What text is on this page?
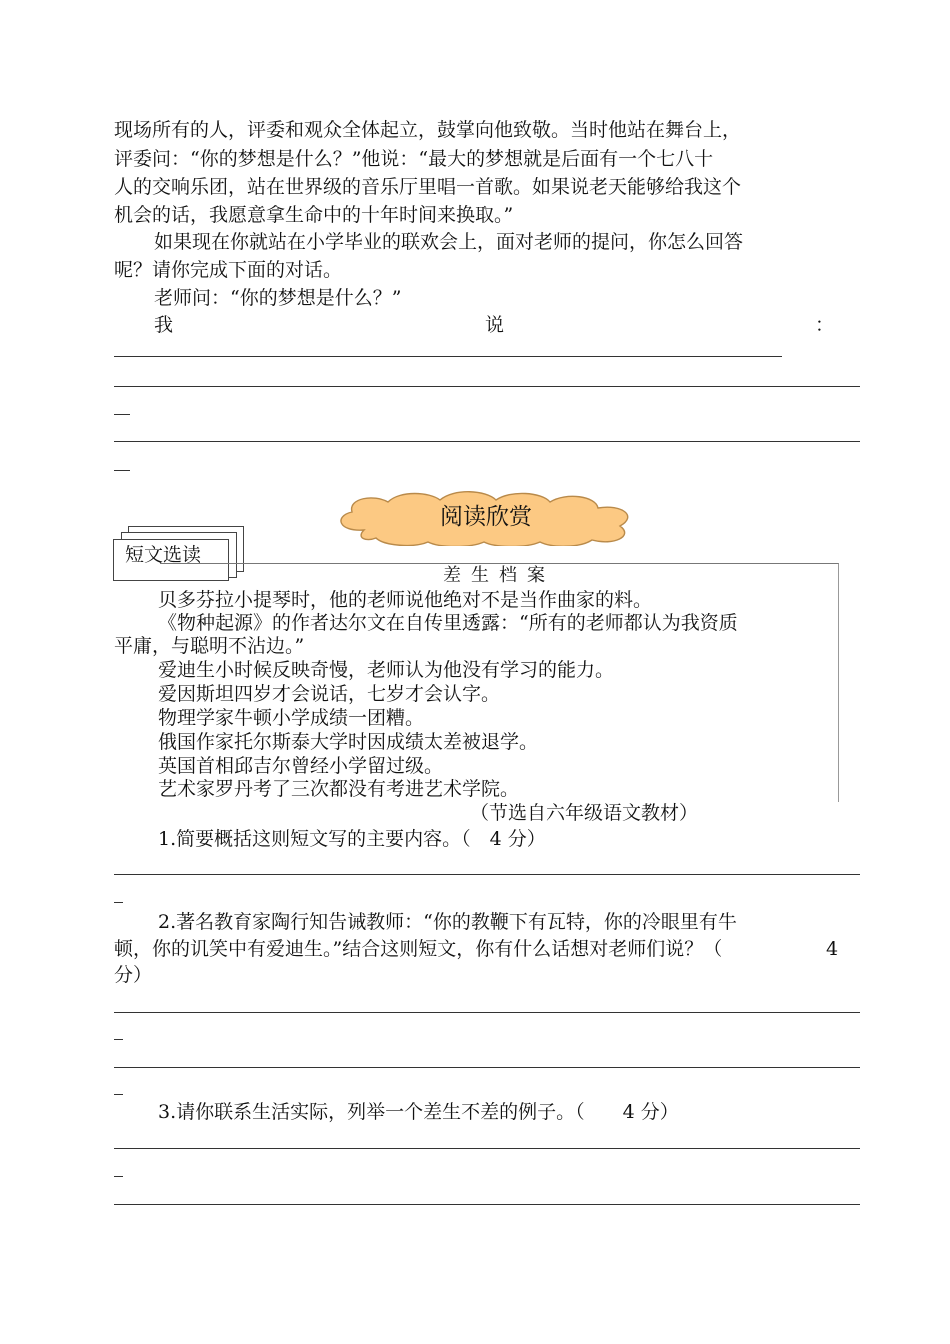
现场所有的人，评委和观众全体起立，鼓掌向他致敬。当时他站在舞台上，
评委问：“你的梦想是什么？”他说：“最大的梦想就是后面有一个七八十
人的交响乐团，站在世界级的音乐厅里唱一首歌。如果说老天能够给我这个
机会的话，我愿意拿生命中的十年时间来换取。”
如果现在你就站在小学毕业的联欢会上，面对老师的提问，你怎么回答
呢？请你完成下面的对话。
老师问：“你的梦想是什么？”
我	说	：
阅读欣赏
短文选读
差生档案
贝多芬拉小提琴时，他的老师说他绝对不是当作曲家的料。
《物种起源》的作者达尔文在自传里透露：“所有的老师都认为我资质
平庸，与聪明不沾边。”
爱迪生小时候反映奇慢，老师认为他没有学习的能力。
爱因斯坦四岁才会说话，七岁才会认字。
物理学家牛顿小学成绩一团糟。
俄国作家托尔斯泰大学时因成绩太差被退学。
英国首相邱吉尔曾经小学留过级。
艺术家罗丹考了三次都没有考进艺术学院。
（节选自六年级语文教材）
1.简要概括这则短文写的主要内容。（　4 分）
2.著名教育家陶行知告诫教师：“你的教鞭下有瓦特，你的冷眼里有牛
顿，你的讥笑中有爱迪生。”结合这则短文，你有什么话想对老师们说？（	4
分）
3.请你联系生活实际，列举一个差生不差的例子。（　　4 分）
